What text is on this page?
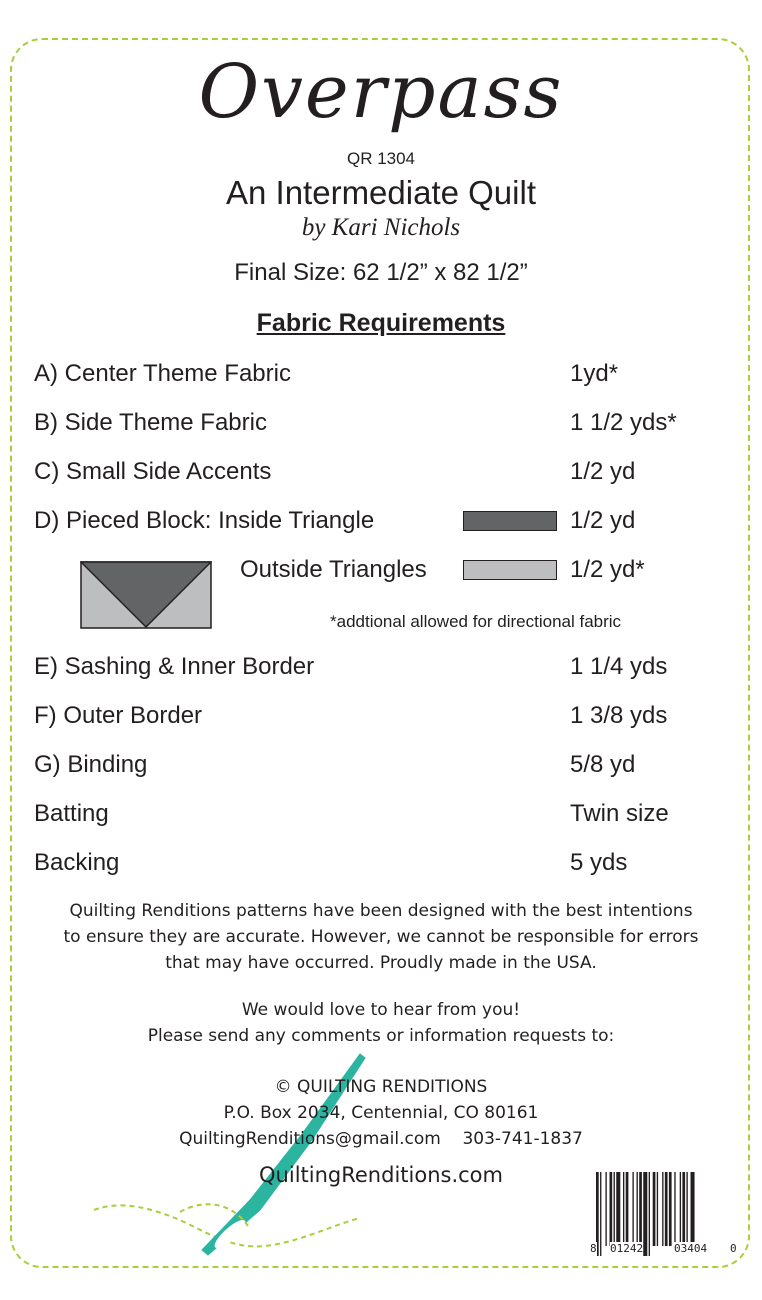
Overpass
QR 1304
An Intermediate Quilt
by Kari Nichols
Final Size: 62 1/2” x 82 1/2”
Fabric Requirements
A) Center Theme Fabric	1yd*
B) Side Theme Fabric	1 1/2 yds*
C) Small Side Accents	1/2 yd
D) Pieced Block: Inside Triangle	1/2 yd
Outside Triangles	1/2 yd*
*addtional allowed for directional fabric
E) Sashing & Inner Border	1 1/4 yds
F) Outer Border	1 3/8 yds
G) Binding	5/8 yd
Batting	Twin size
Backing	5 yds
Quilting Renditions patterns have been designed with the best intentions
to ensure they are accurate. However, we cannot be responsible for errors
that may have occurred. Proudly made in the USA.
We would love to hear from you!
Please send any comments or information requests to:
© QUILTING RENDITIONS
P.O. Box 2034, Centennial, CO 80161
QuiltingRenditions@gmail.com    303-741-1837
QuiltingRenditions.com
8 01242	03404 0
